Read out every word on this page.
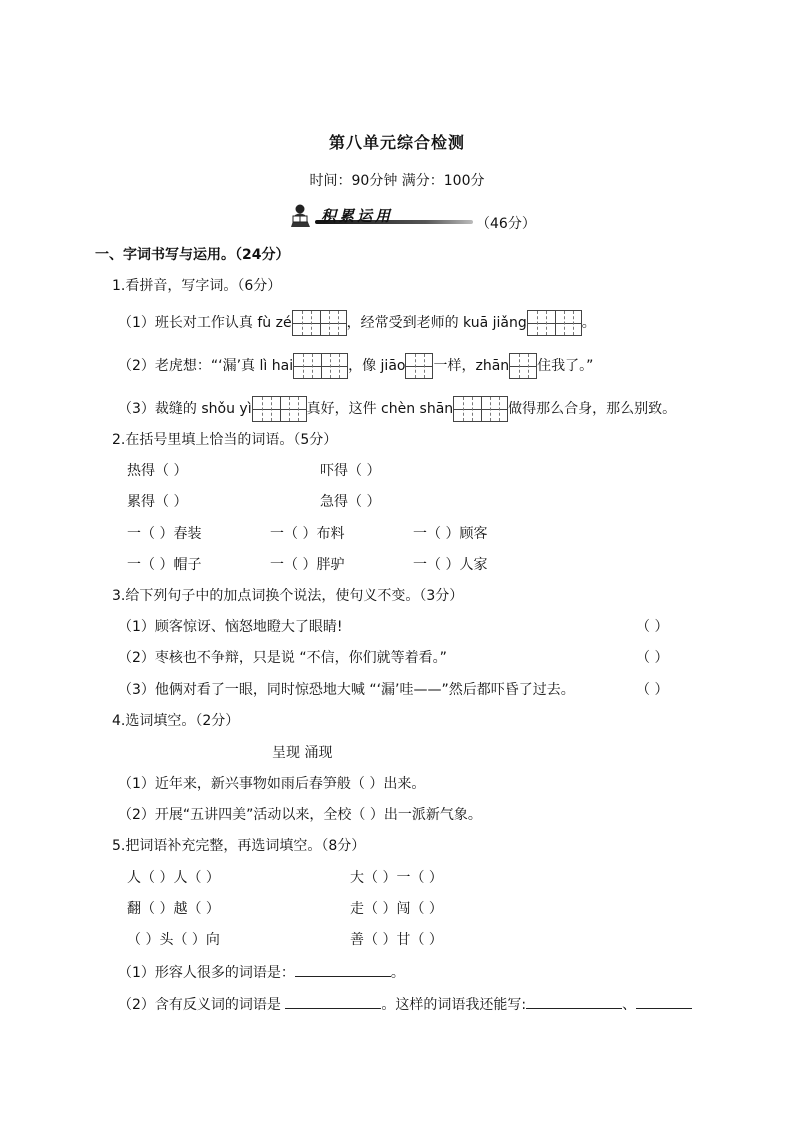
第八单元综合检测
时间：90分钟 满分：100分
积累运用	（46分）
一、字词书写与运用。（24分）
1.看拼音，写字词。（6分）
（1）班长对工作认真 fù zé	，经常受到老师的 kuā jiǎng	。
（2）老虎想：“‘漏’真 lì hai	，像 jiāo 一样，zhān 住我了。”
（3）裁缝的 shǒu yì	真好，这件 chèn shān	做得那么合身，那么别致。
2.在括号里填上恰当的词语。（5分）
热得（ ）	吓得（ ）
累得（ ）	急得（ ）
一（ ）春装	一（ ）布料	一（ ）顾客
一（ ）帽子	一（ ）胖驴	一（ ）人家
3.给下列句子中的加点词换个说法，使句义不变。（3分）
（1）顾客惊讶、恼怒地瞪大了眼睛!	（ ）
（2）枣核也不争辩，只是说 “不信，你们就等着看。”	（ ）
（3）他俩对看了一眼，同时惊恐地大喊 “‘漏’哇——”然后都吓昏了过去。	（ ）
4.选词填空。（2分）
呈现 涌现
（1）近年来，新兴事物如雨后春笋般（ ）出来。
（2）开展“五讲四美”活动以来，全校（ ）出一派新气象。
5.把词语补充完整，再选词填空。（8分）
人（ ）人（ ）	大（ ）一（ ）
翻（ ）越（ ）	走（ ）闯（ ）
（ ）头（ ）向	善（ ）甘（ ）
（1）形容人很多的词语是：	。
（2）含有反义词的词语是	。这样的词语我还能写:	、
